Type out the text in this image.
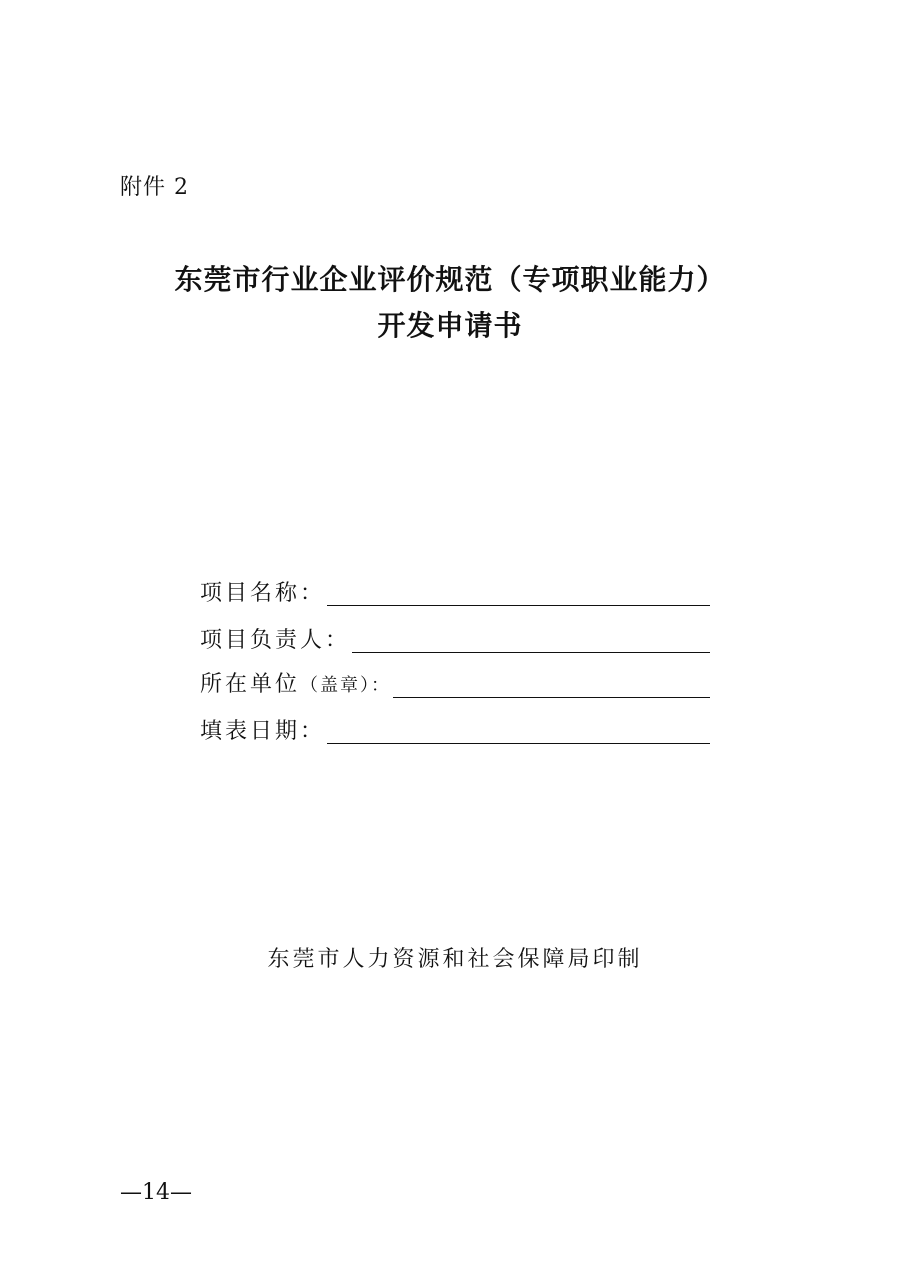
附件 2
东莞市行业企业评价规范（专项职业能力）
开发申请书
项目名称：
项目负责人：
所在单位（盖章）：
填表日期：
东莞市人力资源和社会保障局印制
—14—
